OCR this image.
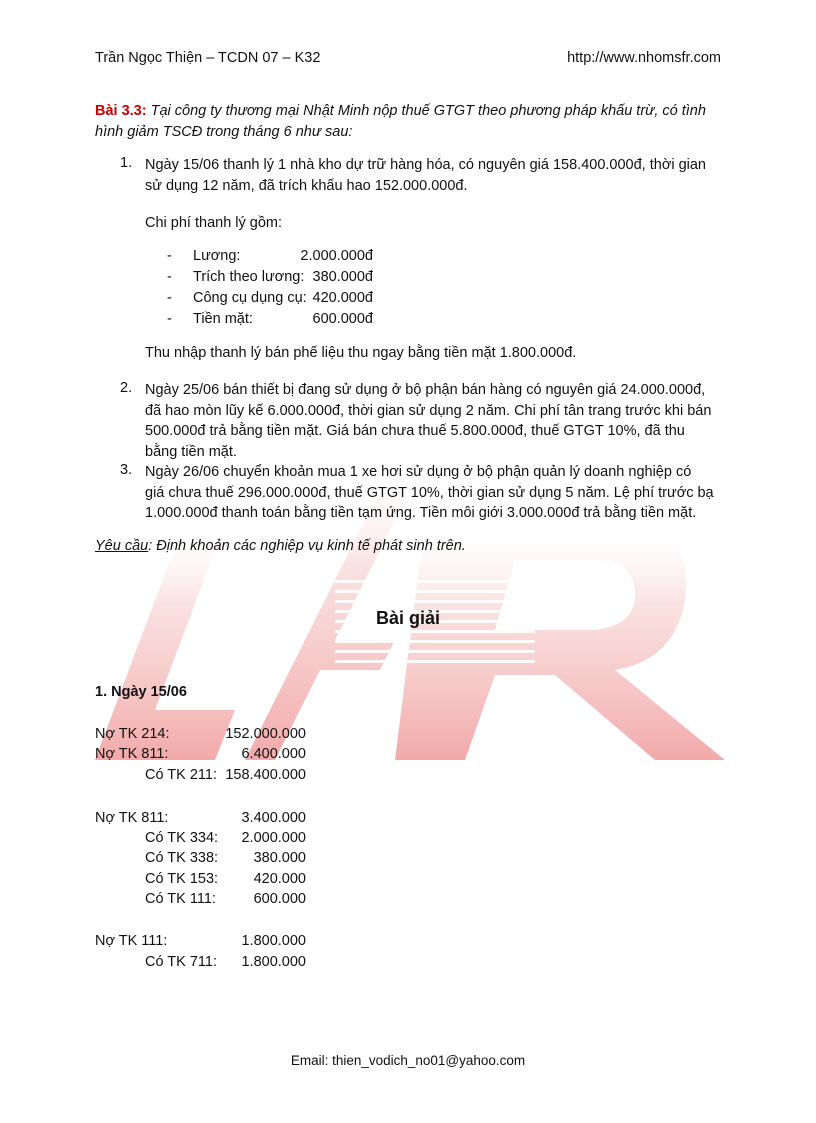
Trần Ngọc Thiện – TCDN 07 – K32	http://www.nhomsfr.com
Bài 3.3: Tại công ty thương mại Nhật Minh nộp thuế GTGT theo phương pháp khấu trừ, có tình
hình giảm TSCĐ trong tháng 6 như sau:
1. Ngày 15/06 thanh lý 1 nhà kho dự trữ hàng hóa, có nguyên giá 158.400.000đ, thời gian
sử dụng 12 năm, đã trích khấu hao 152.000.000đ.
Chi phí thanh lý gồm:
- Lương:	2.000.000đ
- Trích theo lương: 380.000đ
- Công cụ dụng cụ: 420.000đ
- Tiền mặt:	600.000đ
Thu nhập thanh lý bán phế liệu thu ngay bằng tiền mặt 1.800.000đ.
2. Ngày 25/06 bán thiết bị đang sử dụng ở bộ phận bán hàng có nguyên giá 24.000.000đ,
đã hao mòn lũy kế 6.000.000đ, thời gian sử dụng 2 năm. Chi phí tân trang trước khi bán
500.000đ trả bằng tiền mặt. Giá bán chưa thuế 5.800.000đ, thuế GTGT 10%, đã thu
bằng tiền mặt.
3. Ngày 26/06 chuyển khoản mua 1 xe hơi sử dụng ở bộ phận quản lý doanh nghiệp có
giá chưa thuế 296.000.000đ, thuế GTGT 10%, thời gian sử dụng 5 năm. Lệ phí trước bạ
1.000.000đ thanh toán bằng tiền tạm ứng. Tiền môi giới 3.000.000đ trả bằng tiền mặt.
Yêu cầu: Định khoản các nghiệp vụ kinh tế phát sinh trên.
Bài giải
1. Ngày 15/06
Nợ TK 214:	152.000.000
Nợ TK 811:	6.400.000
Có TK 211: 158.400.000
Nợ TK 811:	3.400.000
Có TK 334:	2.000.000
Có TK 338:	380.000
Có TK 153:	420.000
Có TK 111:	600.000
Nợ TK 111:	1.800.000
Có TK 711:	1.800.000
Email: thien_vodich_no01@yahoo.com
